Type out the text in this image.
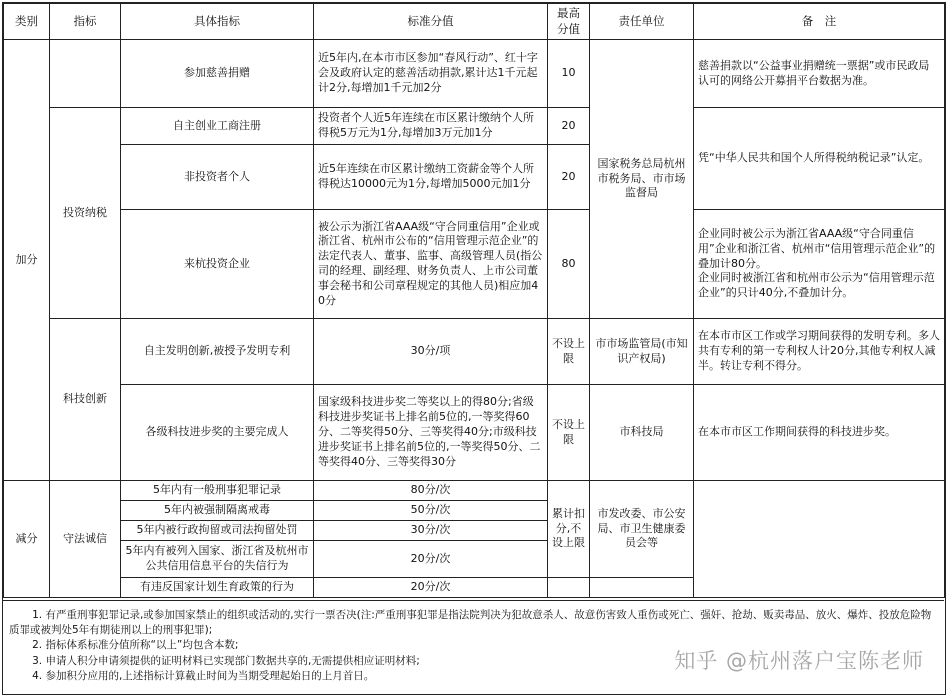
类别	指标	具体指标	标准分值	最高分值	责任单位	备　注
加分		参加慈善捐赠	近5年内,在本市市区参加“春风行动”、红十字会及政府认定的慈善活动捐款,累计达1千元起计2分,每增加1千元加2分	10	国家税务总局杭州市税务局、市市场监督局	慈善捐款以“公益事业捐赠统一票据”或市民政局认可的网络公开募捐平台数据为准。
	投资纳税	自主创业工商注册	投资者个人近5年连续在市区累计缴纳个人所得税5万元为1分,每增加3万元加1分	20		凭“中华人民共和国个人所得税纳税记录”认定。
		非投资者个人	近5年连续在市区累计缴纳工资薪金等个人所得税达10000元为1分,每增加5000元加1分	20		
		来杭投资企业	被公示为浙江省AAA级“守合同重信用”企业或浙江省、杭州市公布的“信用管理示范企业”的法定代表人、董事、监事、高级管理人员(指公司的经理、副经理、财务负责人、上市公司董事会秘书和公司章程规定的其他人员)相应加40分	80		企业同时被公示为浙江省AAA级“守合同重信用”企业和浙江省、杭州市“信用管理示范企业”的叠加计80分。
企业同时被浙江省和杭州市公示为“信用管理示范企业”的只计40分,不叠加计分。

	科技创新	自主发明创新,被授予发明专利	30分/项	不设上限	市市场监管局(市知识产权局)	在本市市区工作或学习期间获得的发明专利。多人共有专利的第一专利权人计20分,其他专利权人减半。转让专利不得分。
		各级科技进步奖的主要完成人	国家级科技进步奖二等奖以上的得80分;省级科技进步奖证书上排名前5位的,一等奖得60分、二等奖得50分、三等奖得40分;市级科技进步奖证书上排名前5位的,一等奖得50分、二等奖得40分、三等奖得30分	不设上限	市科技局	在本市市区工作期间获得的科技进步奖。
减分	守法诚信	5年内有一般刑事犯罪记录	80分/次	累计扣分,不设上限	市发改委、市公安局、市卫生健康委员会等	
		5年内被强制隔离戒毒	50分/次			
		5年内被行政拘留或司法拘留处罚	30分/次			
		5年内有被列入国家、浙江省及杭州市公共信用信息平台的失信行为	20分/次			
		有违反国家计划生育政策的行为	20分/次			

1. 有严重刑事犯罪记录,或参加国家禁止的组织或活动的,实行一票否决(注:严重刑事犯罪是指法院判决为犯故意杀人、故意伤害致人重伤或死亡、强奸、抢劫、贩卖毒品、放火、爆炸、投放危险物质罪或被判处5年有期徒刑以上的刑事犯罪);

2. 指标体系标准分值所称“以上”均包含本数;

3. 申请人积分申请须提供的证明材料已实现部门数据共享的,无需提供相应证明材料;

4. 参加积分应用的,上述指标计算截止时间为当期受理起始日的上月首日。

知乎 @杭州落户宝陈老师
